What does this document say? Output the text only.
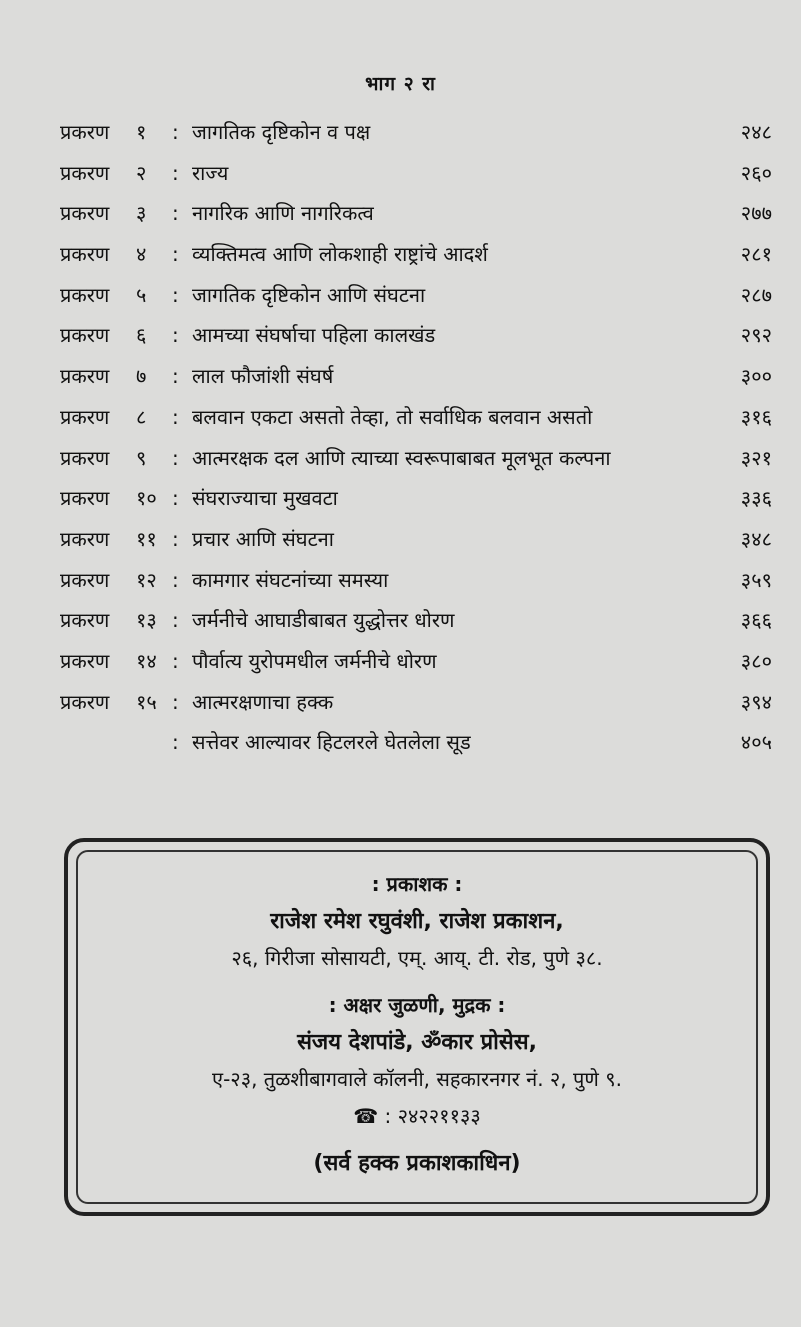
भाग २ रा
प्रकरण १ : जागतिक दृष्टिकोन व पक्ष	२४८
प्रकरण २ : राज्य	२६०
प्रकरण ३ : नागरिक आणि नागरिकत्व	२७७
प्रकरण ४ : व्यक्तिमत्व आणि लोकशाही राष्ट्रांचे आदर्श	२८१
प्रकरण ५ : जागतिक दृष्टिकोन आणि संघटना	२८७
प्रकरण ६ : आमच्या संघर्षाचा पहिला कालखंड	२९२
प्रकरण ७ : लाल फौजांशी संघर्ष	३००
प्रकरण ८ : बलवान एकटा असतो तेव्हा, तो सर्वाधिक बलवान असतो	३१६
प्रकरण ९ : आत्मरक्षक दल आणि त्याच्या स्वरूपाबाबत मूलभूत कल्पना	३२१
प्रकरण १० : संघराज्याचा मुखवटा	३३६
प्रकरण ११ : प्रचार आणि संघटना	३४८
प्रकरण १२ : कामगार संघटनांच्या समस्या	३५९
प्रकरण १३ : जर्मनीचे आघाडीबाबत युद्धोत्तर धोरण	३६६
प्रकरण १४ : पौर्वात्य युरोपमधील जर्मनीचे धोरण	३८०
प्रकरण १५ : आत्मरक्षणाचा हक्क	३९४
: सत्तेवर आल्यावर हिटलरले घेतलेला सूड	४०५
: प्रकाशक :
राजेश रमेश रघुवंशी, राजेश प्रकाशन,
२६, गिरीजा सोसायटी, एम्. आय्. टी. रोड, पुणे ३८.
: अक्षर जुळणी, मुद्रक :
संजय देशपांडे, ॐकार प्रोसेस,
ए-२३, तुळशीबागवाले कॉलनी, सहकारनगर नं. २, पुणे ९.
☎ : २४२२११३३
(सर्व हक्क प्रकाशकाधिन)
